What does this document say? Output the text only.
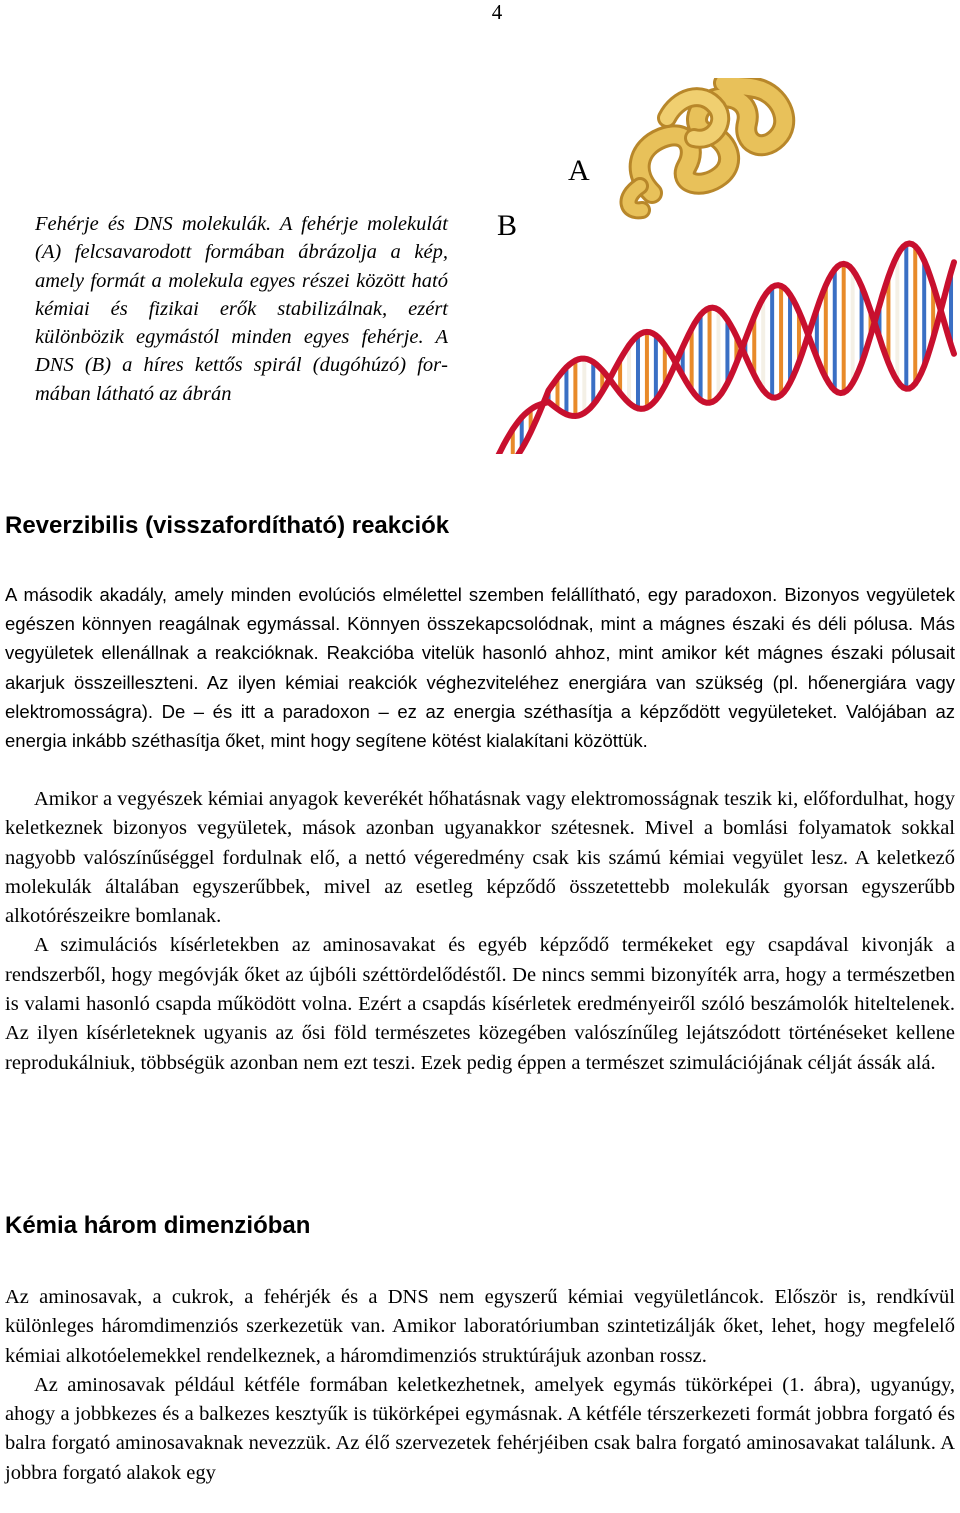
4
Fehérje és DNS molekulák. A fehérje molekulát (A) felcsavarodott formában ábrázolja a kép, amely formát a molekula egyes részei között ható kémiai és fizikai erők stabilizálnak, ezért különbözik egymástól minden egyes fehérje. A DNS (B) a híres kettős spirál (dugóhúzó) formában látható az ábrán
A
B
Reverzibilis (visszafordítható) reakciók

A második akadály, amely minden evolúciós elmélettel szemben felállítható, egy paradoxon. Bizonyos vegyületek egészen könnyen reagálnak egymással. Könnyen összekapcsolódnak, mint a mágnes északi és déli pólusa. Más vegyületek ellenállnak a reakcióknak. Reakcióba vitelük hasonló ahhoz, mint amikor két mágnes északi pólusait akarjuk összeilleszteni. Az ilyen kémiai reakciók véghezviteléhez energiára van szükség (pl. hőenergiára vagy elektromosságra). De – és itt a paradoxon – ez az energia széthasítja a képződött vegyületeket. Valójában az energia inkább széthasítja őket, mint hogy segítene kötést kialakítani közöttük.

Amikor a vegyészek kémiai anyagok keverékét hőhatásnak vagy elektromosságnak teszik ki, előfordulhat, hogy keletkeznek bizonyos vegyületek, mások azonban ugyanakkor szétesnek. Mivel a bomlási folyamatok sokkal nagyobb valószínűséggel fordulnak elő, a nettó végeredmény csak kis számú kémiai vegyület lesz. A keletkező molekulák általában egyszerűbbek, mivel az esetleg képződő összetettebb molekulák gyorsan egyszerűbb alkotórészeikre bomlanak.

A szimulációs kísérletekben az aminosavakat és egyéb képződő termékeket egy csapdával kivonják a rendszerből, hogy megóvják őket az újbóli széttördelődéstől. De nincs semmi bizonyíték arra, hogy a természetben is valami hasonló csapda működött volna. Ezért a csapdás kísérletek eredményeiről szóló beszámolók hiteltelenek. Az ilyen kísérleteknek ugyanis az ősi föld természetes közegében valószínűleg lejátszódott történéseket kellene reprodukálniuk, többségük azonban nem ezt teszi. Ezek pedig éppen a természet szimulációjának célját ássák alá.

Kémia három dimenzióban

Az aminosavak, a cukrok, a fehérjék és a DNS nem egyszerű kémiai vegyületláncok. Először is, rendkívül különleges háromdimenziós szerkezetük van. Amikor laboratóriumban szintetizálják őket, lehet, hogy megfelelő kémiai alkotóelemekkel rendelkeznek, a háromdimenziós struktúrájuk azonban rossz.

Az aminosavak például kétféle formában keletkezhetnek, amelyek egymás tükörképei (1. ábra), ugyanúgy, ahogy a jobbkezes és a balkezes kesztyűk is tükörképei egymásnak. A kétféle térszerkezeti formát jobbra forgató és balra forgató aminosavaknak nevezzük. Az élő szervezetek fehérjéiben csak balra forgató aminosavakat találunk. A jobbra forgató alakok egy
